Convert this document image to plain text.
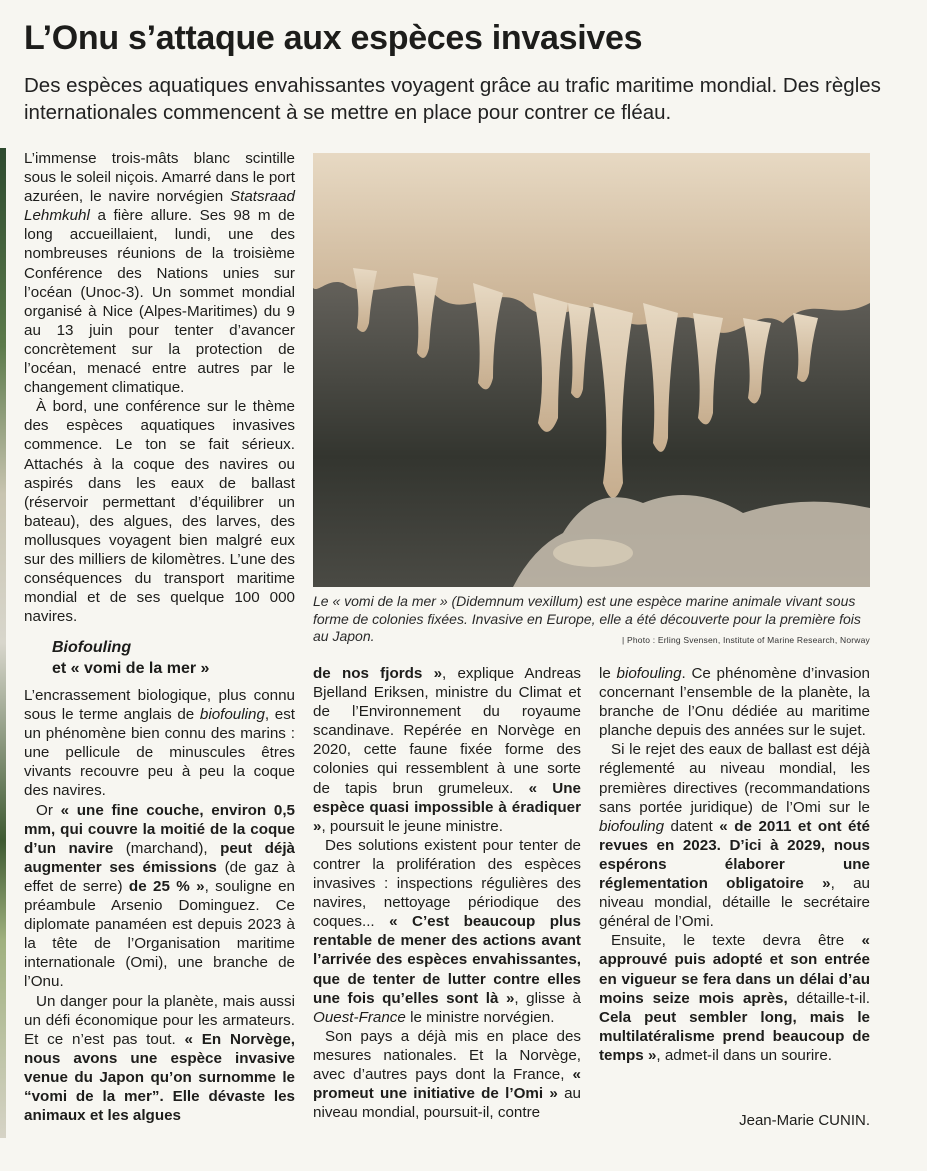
L’Onu s’attaque aux espèces invasives

Des espèces aquatiques envahissantes voyagent grâce au trafic maritime mondial. Des règles internationales commencent à se mettre en place pour contrer ce fléau.

L’immense trois-mâts blanc scintille sous le soleil niçois. Amarré dans le port azuréen, le navire norvégien Statsraad Lehmkuhl a fière allure. Ses 98 m de long accueillaient, lundi, une des nombreuses réunions de la troisième Conférence des Nations unies sur l’océan (Unoc-3). Un sommet mondial organisé à Nice (Alpes-Maritimes) du 9 au 13 juin pour tenter d’avancer concrètement sur la protection de l’océan, menacé entre autres par le changement climatique.

À bord, une conférence sur le thème des espèces aquatiques invasives commence. Le ton se fait sérieux. Attachés à la coque des navires ou aspirés dans les eaux de ballast (réservoir permettant d’équilibrer un bateau), des algues, des larves, des mollusques voyagent bien malgré eux sur des milliers de kilomètres. L’une des conséquences du transport maritime mondial et de ses quelque 100 000 navires.

Biofouling
et « vomi de la mer »

L’encrassement biologique, plus connu sous le terme anglais de biofouling, est un phénomène bien connu des marins : une pellicule de minuscules êtres vivants recouvre peu à peu la coque des navires.

Or « une fine couche, environ 0,5 mm, qui couvre la moitié de la coque d’un navire (marchand), peut déjà augmenter ses émissions (de gaz à effet de serre) de 25 % », souligne en préambule Arsenio Dominguez. Ce diplomate panaméen est depuis 2023 à la tête de l’Organisation maritime internationale (Omi), une branche de l’Onu.

Un danger pour la planète, mais aussi un défi économique pour les armateurs. Et ce n’est pas tout. « En Norvège, nous avons une espèce invasive venue du Japon qu’on surnomme le “vomi de la mer”. Elle dévaste les animaux et les algues

Le « vomi de la mer » (Didemnum vexillum) est une espèce marine animale vivant sous forme de colonies fixées. Invasive en Europe, elle a été découverte pour la première fois au Japon.	| Photo : Erling Svensen, Institute of Marine Research, Norway

de nos fjords », explique Andreas Bjelland Eriksen, ministre du Climat et de l’Environnement du royaume scandinave. Repérée en Norvège en 2020, cette faune fixée forme des colonies qui ressemblent à une sorte de tapis brun grumeleux. « Une espèce quasi impossible à éradiquer », poursuit le jeune ministre.

Des solutions existent pour tenter de contrer la prolifération des espèces invasives : inspections régulières des navires, nettoyage périodique des coques... « C’est beaucoup plus rentable de mener des actions avant l’arrivée des espèces envahissantes, que de tenter de lutter contre elles une fois qu’elles sont là », glisse à Ouest-France le ministre norvégien.

Son pays a déjà mis en place des mesures nationales. Et la Norvège, avec d’autres pays dont la France, « promeut une initiative de l’Omi » au niveau mondial, poursuit-il, contre

le biofouling. Ce phénomène d’invasion concernant l’ensemble de la planète, la branche de l’Onu dédiée au maritime planche depuis des années sur le sujet.

Si le rejet des eaux de ballast est déjà réglementé au niveau mondial, les premières directives (recommandations sans portée juridique) de l’Omi sur le biofouling datent « de 2011 et ont été revues en 2023. D’ici à 2029, nous espérons élaborer une réglementation obligatoire », au niveau mondial, détaille le secrétaire général de l’Omi.

Ensuite, le texte devra être « approuvé puis adopté et son entrée en vigueur se fera dans un délai d’au moins seize mois après, détaille-t-il. Cela peut sembler long, mais le multilatéralisme prend beaucoup de temps », admet-il dans un sourire.

Jean-Marie CUNIN.
